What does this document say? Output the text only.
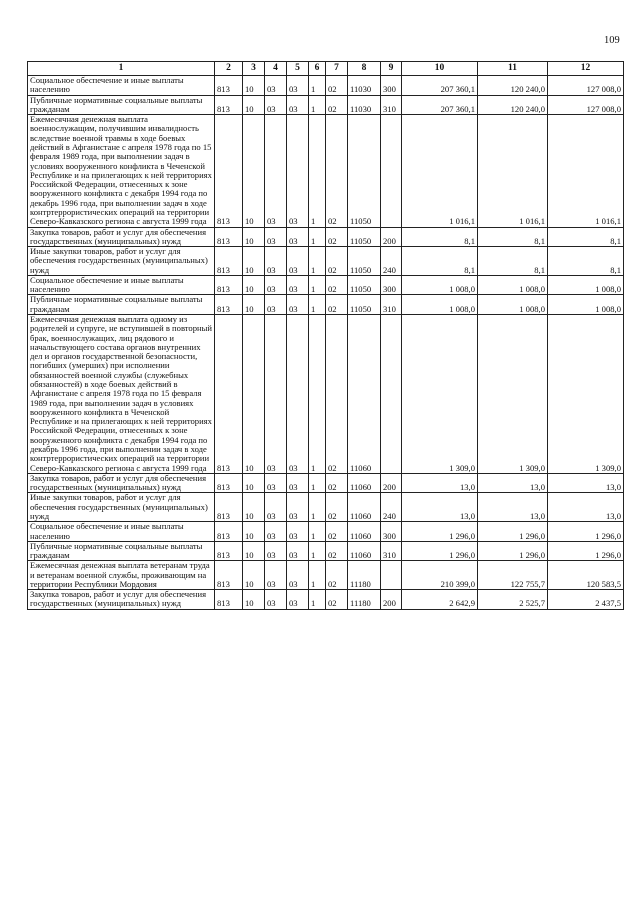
109
1	2	3	4	5	6	7	8	9	10	11	12
Социальное обеспечение и иные выплаты населению	813	10	03	03	1	02	11030	300	207 360,1	120 240,0	127 008,0
Публичные нормативные социальные выплаты гражданам	813	10	03	03	1	02	11030	310	207 360,1	120 240,0	127 008,0
Ежемесячная денежная выплата военнослужащим, получившим инвалидность вследствие военной травмы в ходе боевых действий в Афганистане с апреля 1978 года по 15 февраля 1989 года, при выполнении задач в условиях вооруженного конфликта в Чеченской Республике и на прилегающих к ней территориях Российской Федерации, отнесенных к зоне вооруженного конфликта с декабря 1994 года по декабрь 1996 года, при выполнении задач в ходе контртеррористических операций на территории Северо-Кавказского региона с августа 1999 года	813	10	03	03	1	02	11050		1 016,1	1 016,1	1 016,1
Закупка товаров, работ и услуг для обеспечения государственных (муниципальных) нужд	813	10	03	03	1	02	11050	200	8,1	8,1	8,1
Иные закупки товаров, работ и услуг для обеспечения государственных (муниципальных) нужд	813	10	03	03	1	02	11050	240	8,1	8,1	8,1
Социальное обеспечение и иные выплаты населению	813	10	03	03	1	02	11050	300	1 008,0	1 008,0	1 008,0
Публичные нормативные социальные выплаты гражданам	813	10	03	03	1	02	11050	310	1 008,0	1 008,0	1 008,0
Ежемесячная денежная выплата одному из родителей и супруге, не вступившей в повторный брак, военнослужащих, лиц рядового и начальствующего состава органов внутренних дел и органов государственной безопасности, погибших (умерших) при исполнении обязанностей военной службы (служебных обязанностей) в ходе боевых действий в Афганистане с апреля 1978 года по 15 февраля 1989 года, при выполнении задач в условиях вооруженного конфликта в Чеченской Республике и на прилегающих к ней территориях Российской Федерации, отнесенных к зоне вооруженного конфликта с декабря 1994 года по декабрь 1996 года, при выполнении задач в ходе контртеррористических операций на территории Северо-Кавказского региона с августа 1999 года	813	10	03	03	1	02	11060		1 309,0	1 309,0	1 309,0
Закупка товаров, работ и услуг для обеспечения государственных (муниципальных) нужд	813	10	03	03	1	02	11060	200	13,0	13,0	13,0
Иные закупки товаров, работ и услуг для обеспечения государственных (муниципальных) нужд	813	10	03	03	1	02	11060	240	13,0	13,0	13,0
Социальное обеспечение и иные выплаты населению	813	10	03	03	1	02	11060	300	1 296,0	1 296,0	1 296,0
Публичные нормативные социальные выплаты гражданам	813	10	03	03	1	02	11060	310	1 296,0	1 296,0	1 296,0
Ежемесячная денежная выплата ветеранам труда и ветеранам военной службы, проживающим на территории Республики Мордовия	813	10	03	03	1	02	11180		210 399,0	122 755,7	120 583,5
Закупка товаров, работ и услуг для обеспечения государственных (муниципальных) нужд	813	10	03	03	1	02	11180	200	2 642,9	2 525,7	2 437,5
